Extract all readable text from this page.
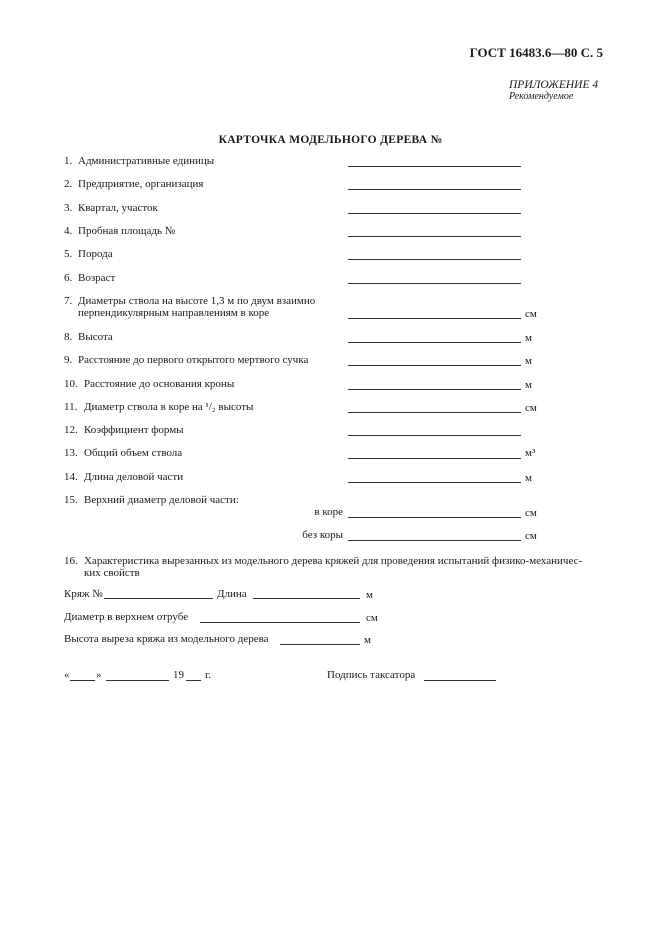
ГОСТ 16483.6—80 С. 5
ПРИЛОЖЕНИЕ 4
Рекомендуемое
КАРТОЧКА МОДЕЛЬНОГО ДЕРЕВА №
1. Административные единицы
2. Предприятие, организация
3. Квартал, участок
4. Пробная площадь №
5. Порода
6. Возраст
7. Диаметры ствола на высоте 1,3 м по двум взаимно
перпендикулярным направлениям в коре	см
8. Высота	м
9. Расстояние до первого открытого мертвого сучка	м
10. Расстояние до основания кроны	м
11. Диаметр ствола в коре на ¹/₂ высоты	см
12. Коэффициент формы
13. Общий объем ствола	м³
14. Длина деловой части	м
15. Верхний диаметр деловой части:
в коре	см
без коры	см
16. Характеристика вырезанных из модельного дерева кряжей для проведения испытаний физико-механичес-
ких свойств
Кряж №	Длина	м
Диаметр в верхнем отрубе	см
Высота выреза кряжа из модельного дерева	м
« »	19 г.	Подпись таксатора
